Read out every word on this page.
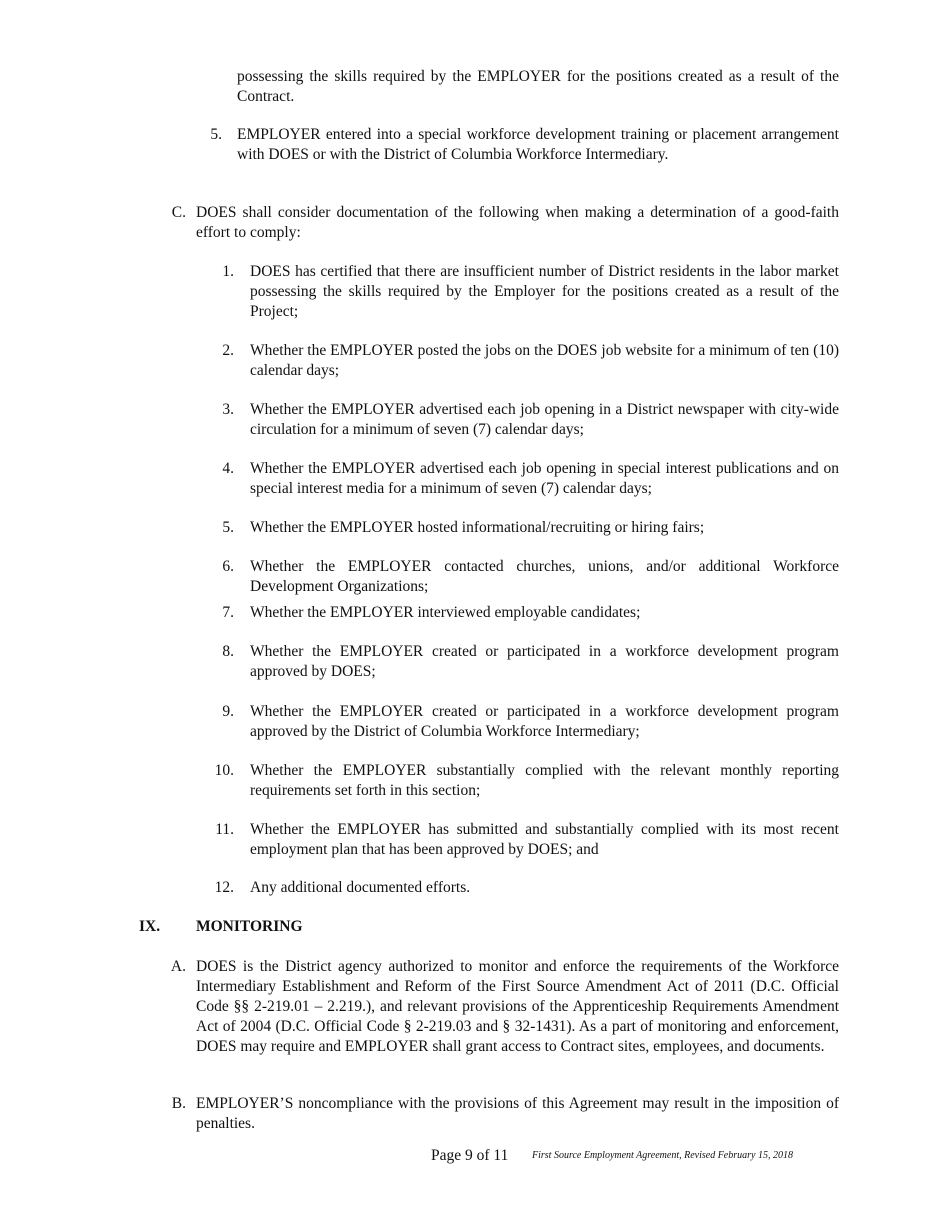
possessing the skills required by the EMPLOYER for the positions created as a result of the Contract.
5. EMPLOYER entered into a special workforce development training or placement arrangement with DOES or with the District of Columbia Workforce Intermediary.
C. DOES shall consider documentation of the following when making a determination of a good-faith effort to comply:
1. DOES has certified that there are insufficient number of District residents in the labor market possessing the skills required by the Employer for the positions created as a result of the Project;
2. Whether the EMPLOYER posted the jobs on the DOES job website for a minimum of ten (10) calendar days;
3. Whether the EMPLOYER advertised each job opening in a District newspaper with city-wide circulation for a minimum of seven (7) calendar days;
4. Whether the EMPLOYER advertised each job opening in special interest publications and on special interest media for a minimum of seven (7) calendar days;
5. Whether the EMPLOYER hosted informational/recruiting or hiring fairs;
6. Whether the EMPLOYER contacted churches, unions, and/or additional Workforce Development Organizations;
7. Whether the EMPLOYER interviewed employable candidates;
8. Whether the EMPLOYER created or participated in a workforce development program approved by DOES;
9. Whether the EMPLOYER created or participated in a workforce development program approved by the District of Columbia Workforce Intermediary;
10. Whether the EMPLOYER substantially complied with the relevant monthly reporting requirements set forth in this section;
11. Whether the EMPLOYER has submitted and substantially complied with its most recent employment plan that has been approved by DOES; and
12. Any additional documented efforts.
IX. MONITORING
A. DOES is the District agency authorized to monitor and enforce the requirements of the Workforce Intermediary Establishment and Reform of the First Source Amendment Act of 2011 (D.C. Official Code §§ 2-219.01 – 2.219.), and relevant provisions of the Apprenticeship Requirements Amendment Act of 2004 (D.C. Official Code § 2-219.03 and § 32-1431). As a part of monitoring and enforcement, DOES may require and EMPLOYER shall grant access to Contract sites, employees, and documents.
B. EMPLOYER’S noncompliance with the provisions of this Agreement may result in the imposition of penalties.
Page 9 of 11 First Source Employment Agreement, Revised February 15, 2018
